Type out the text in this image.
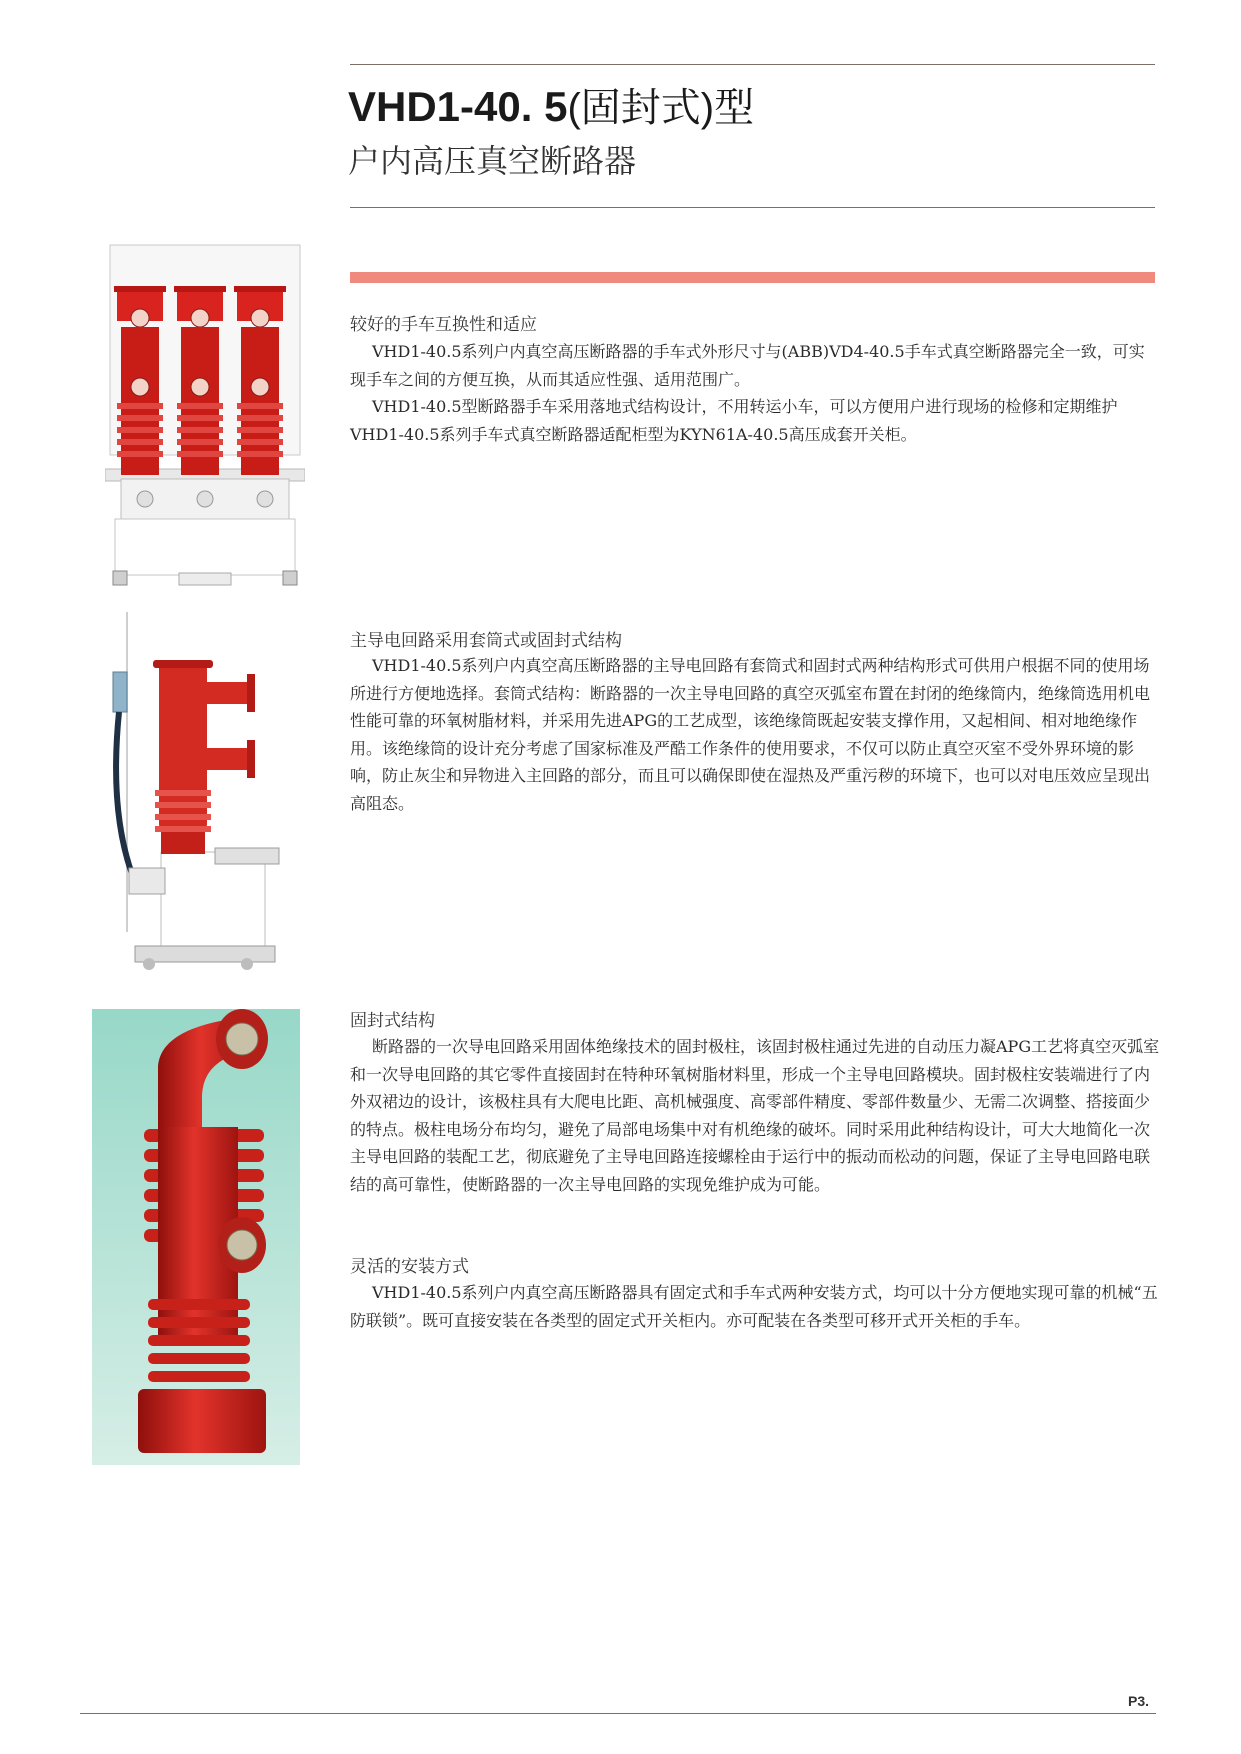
VHD1-40. 5(固封式)型
户内高压真空断路器
较好的手车互换性和适应

VHD1-40.5系列户内真空高压断路器的手车式外形尺寸与(ABB)VD4-40.5手车式真空断路器完全一致，可实现手车之间的方便互换，从而其适应性强、适用范围广。

VHD1-40.5型断路器手车采用落地式结构设计，不用转运小车，可以方便用户进行现场的检修和定期维护VHD1-40.5系列手车式真空断路器适配柜型为KYN61A-40.5高压成套开关柜。

主导电回路采用套筒式或固封式结构

VHD1-40.5系列户内真空高压断路器的主导电回路有套筒式和固封式两种结构形式可供用户根据不同的使用场所进行方便地选择。套筒式结构：断路器的一次主导电回路的真空灭弧室布置在封闭的绝缘筒内，绝缘筒选用机电性能可靠的环氧树脂材料，并采用先进APG的工艺成型，该绝缘筒既起安装支撑作用，又起相间、相对地绝缘作用。该绝缘筒的设计充分考虑了国家标准及严酷工作条件的使用要求，不仅可以防止真空灭室不受外界环境的影响，防止灰尘和异物进入主回路的部分，而且可以确保即使在湿热及严重污秽的环境下，也可以对电压效应呈现出高阻态。

固封式结构

断路器的一次导电回路采用固体绝缘技术的固封极柱，该固封极柱通过先进的自动压力凝APG工艺将真空灭弧室和一次导电回路的其它零件直接固封在特种环氧树脂材料里，形成一个主导电回路模块。固封极柱安装端进行了内外双裙边的设计，该极柱具有大爬电比距、高机械强度、高零部件精度、零部件数量少、无需二次调整、搭接面少的特点。极柱电场分布均匀，避免了局部电场集中对有机绝缘的破坏。同时采用此种结构设计，可大大地简化一次主导电回路的装配工艺，彻底避免了主导电回路连接螺栓由于运行中的振动而松动的问题，保证了主导电回路电联结的高可靠性，使断路器的一次主导电回路的实现免维护成为可能。

灵活的安装方式

VHD1-40.5系列户内真空高压断路器具有固定式和手车式两种安装方式，均可以十分方便地实现可靠的机械“五防联锁”。既可直接安装在各类型的固定式开关柜内。亦可配装在各类型可移开式开关柜的手车。

P3.
